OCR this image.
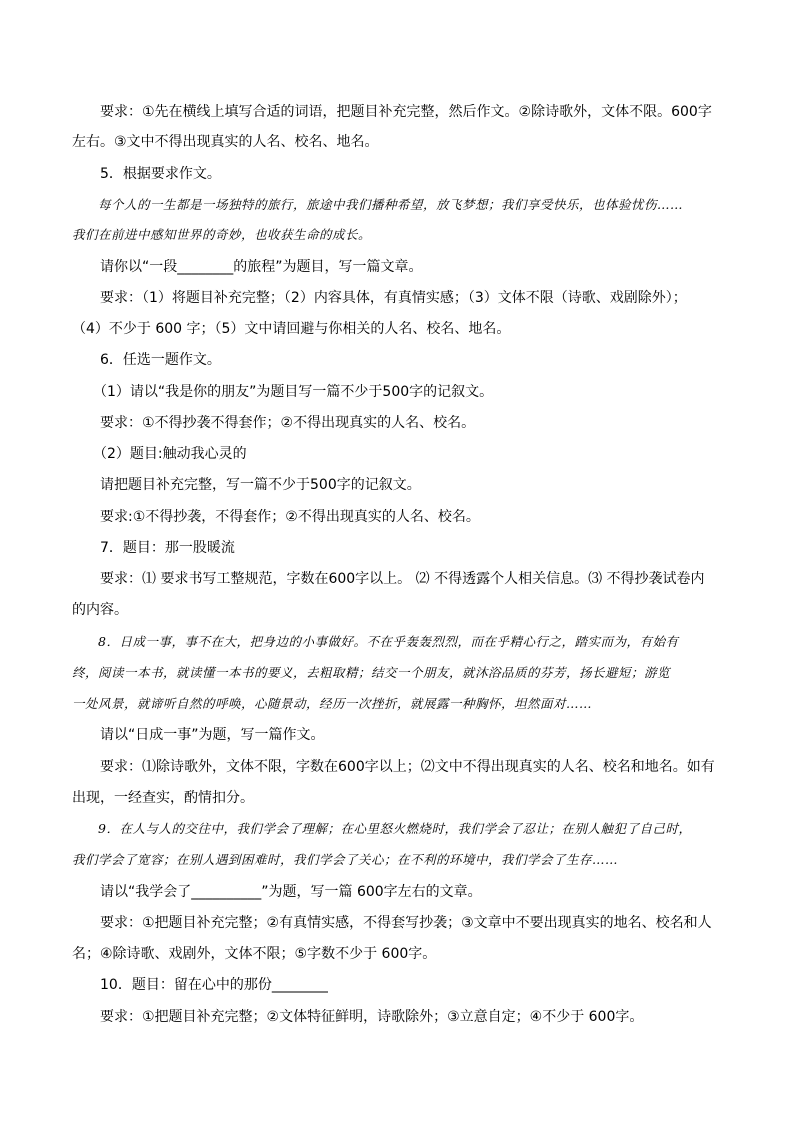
　　要求：①先在横线上填写合适的词语，把题目补充完整，然后作文。②除诗歌外，文体不限。600字
左右。③文中不得出现真实的人名、校名、地名。
　　5．根据要求作文。
　　每个人的一生都是一场独特的旅行，旅途中我们播种希望，放飞梦想；我们享受快乐，也体验忧伤……
我们在前进中感知世界的奇妙，也收获生命的成长。
　　请你以“一段________的旅程”为题目，写一篇文章。
　　要求：（1）将题目补充完整；（2）内容具体，有真情实感；（3）文体不限（诗歌、戏剧除外）；
（4）不少于 600 字；（5）文中请回避与你相关的人名、校名、地名。
　　6．任选一题作文。
　　（1）请以“我是你的朋友”为题目写一篇不少于500字的记叙文。
　　要求：①不得抄袭不得套作；②不得出现真实的人名、校名。
　　（2）题目:触动我心灵的
　　请把题目补充完整，写一篇不少于500字的记叙文。
　　要求:①不得抄袭，不得套作；②不得出现真实的人名、校名。
　　7．题目：那一股暖流
　　要求：⑴ 要求书写工整规范，字数在600字以上。 ⑵ 不得透露个人相关信息。⑶ 不得抄袭试卷内
的内容。
　　8．日成一事，事不在大，把身边的小事做好。不在乎轰轰烈烈，而在乎精心行之，踏实而为，有始有
终，阅读一本书，就读懂一本书的要义，去粗取精；结交一个朋友，就沐浴品质的芬芳，扬长避短；游览
一处风景，就谛听自然的呼唤，心随景动，经历一次挫折，就展露一种胸怀，坦然面对……
　　请以“日成一事”为题，写一篇作文。
　　要求：⑴除诗歌外，文体不限，字数在600字以上；⑵文中不得出现真实的人名、校名和地名。如有
出现，一经查实，酌情扣分。
　　9．在人与人的交往中，我们学会了理解；在心里怒火燃烧时，我们学会了忍让；在别人触犯了自己时，
我们学会了宽容；在别人遇到困难时，我们学会了关心；在不利的环境中，我们学会了生存……
　　请以“我学会了__________”为题，写一篇 600字左右的文章。
　　要求：①把题目补充完整；②有真情实感，不得套写抄袭；③文章中不要出现真实的地名、校名和人
名；④除诗歌、戏剧外，文体不限；⑤字数不少于 600字。
　　10．题目：留在心中的那份________
　　要求：①把题目补充完整；②文体特征鲜明，诗歌除外；③立意自定；④不少于 600字。
